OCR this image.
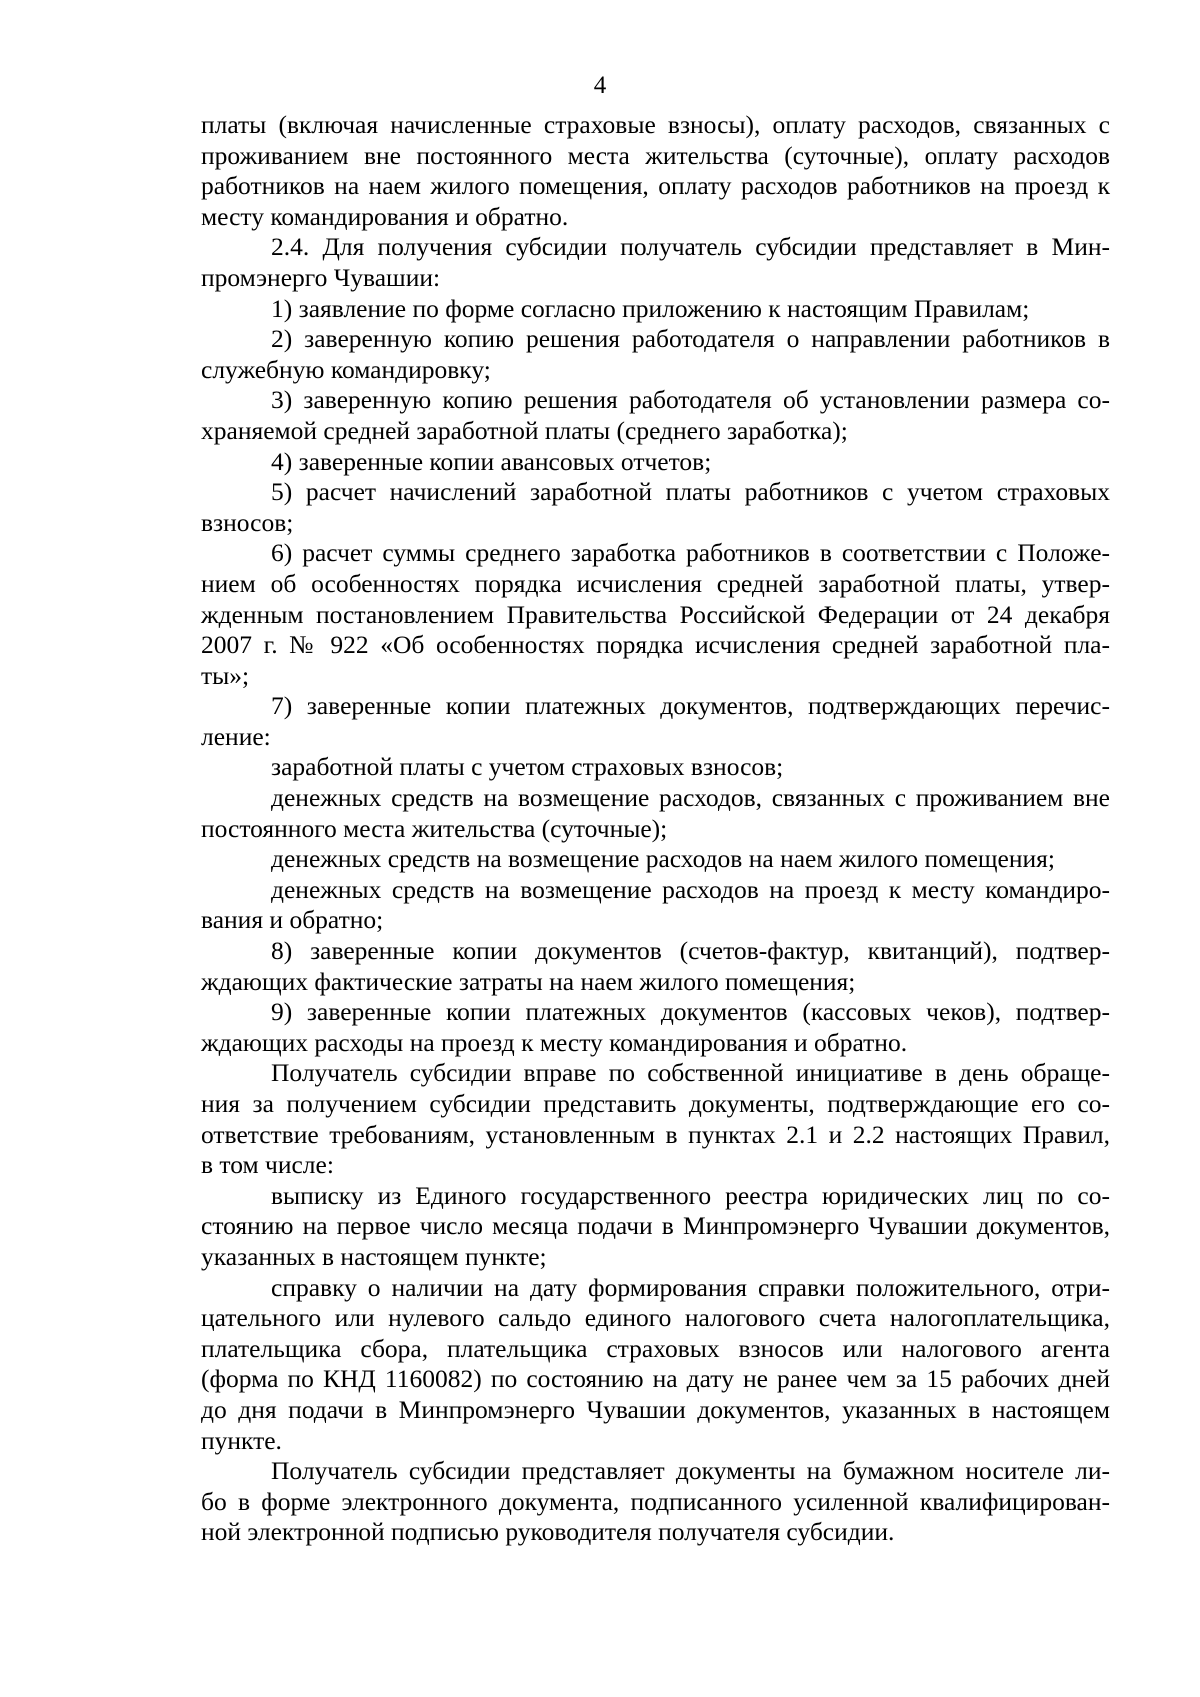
4
платы (включая начисленные страховые взносы), оплату расходов, связанных с
проживанием вне постоянного места жительства (суточные), оплату расходов
работников на наем жилого помещения, оплату расходов работников на проезд к
месту командирования и обратно.
2.4. Для получения субсидии получатель субсидии представляет в Мин-
промэнерго Чувашии:
1) заявление по форме согласно приложению к настоящим Правилам;
2) заверенную копию решения работодателя о направлении работников в
служебную командировку;
3) заверенную копию решения работодателя об установлении размера со-
храняемой средней заработной платы (среднего заработка);
4) заверенные копии авансовых отчетов;
5) расчет начислений заработной платы работников с учетом страховых
взносов;
6) расчет суммы среднего заработка работников в соответствии с Положе-
нием об особенностях порядка исчисления средней заработной платы, утвер-
жденным постановлением Правительства Российской Федерации от 24 декабря
2007 г. № 922 «Об особенностях порядка исчисления средней заработной пла-
ты»;
7) заверенные копии платежных документов, подтверждающих перечис-
ление:
заработной платы с учетом страховых взносов;
денежных средств на возмещение расходов, связанных с проживанием вне
постоянного места жительства (суточные);
денежных средств на возмещение расходов на наем жилого помещения;
денежных средств на возмещение расходов на проезд к месту командиро-
вания и обратно;
8) заверенные копии документов (счетов-фактур, квитанций), подтвер-
ждающих фактические затраты на наем жилого помещения;
9) заверенные копии платежных документов (кассовых чеков), подтвер-
ждающих расходы на проезд к месту командирования и обратно.
Получатель субсидии вправе по собственной инициативе в день обраще-
ния за получением субсидии представить документы, подтверждающие его со-
ответствие требованиям, установленным в пунктах 2.1 и 2.2 настоящих Правил,
в том числе:
выписку из Единого государственного реестра юридических лиц по со-
стоянию на первое число месяца подачи в Минпромэнерго Чувашии документов,
указанных в настоящем пункте;
справку о наличии на дату формирования справки положительного, отри-
цательного или нулевого сальдо единого налогового счета налогоплательщика,
плательщика сбора, плательщика страховых взносов или налогового агента
(форма по КНД 1160082) по состоянию на дату не ранее чем за 15 рабочих дней
до дня подачи в Минпромэнерго Чувашии документов, указанных в настоящем
пункте.
Получатель субсидии представляет документы на бумажном носителе ли-
бо в форме электронного документа, подписанного усиленной квалифицирован-
ной электронной подписью руководителя получателя субсидии.
